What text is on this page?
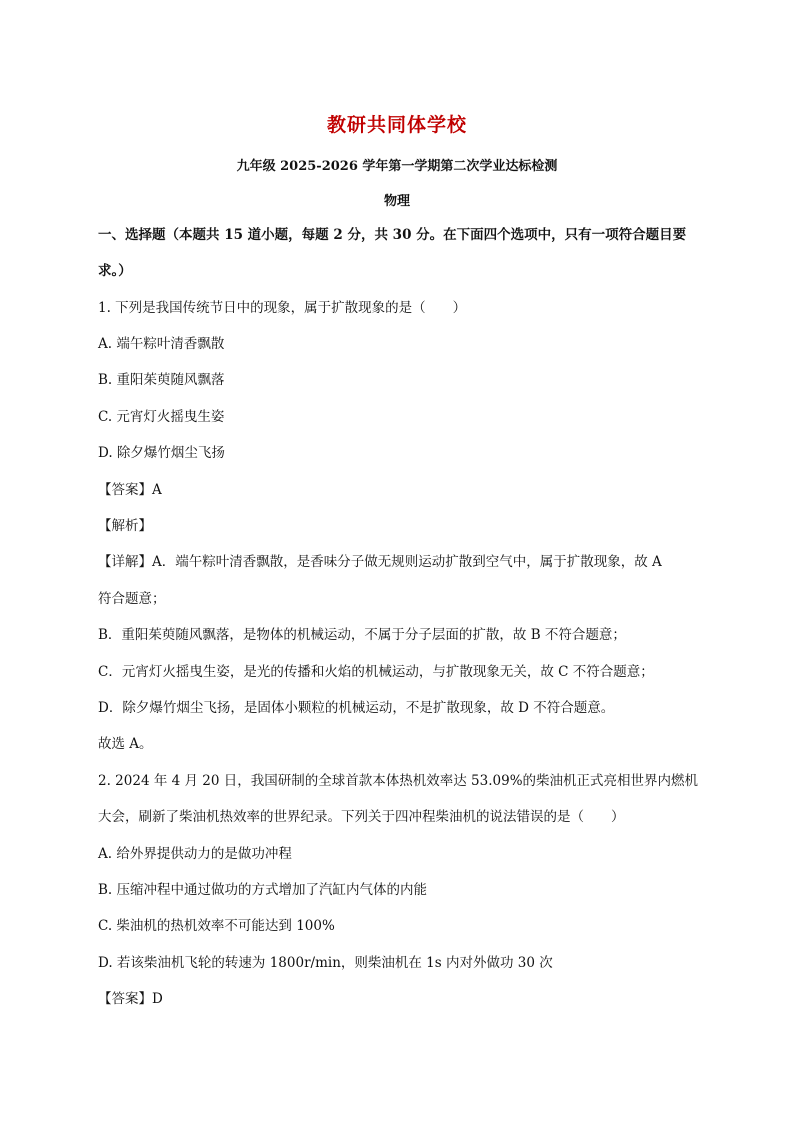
教研共同体学校
九年级 2025-2026 学年第一学期第二次学业达标检测
物理
一、选择题（本题共 15 道小题，每题 2 分，共 30 分。在下面四个选项中，只有一项符合题目要
求。）
1. 下列是我国传统节日中的现象，属于扩散现象的是（　　）
A. 端午粽叶清香飘散
B. 重阳茱萸随风飘落
C. 元宵灯火摇曳生姿
D. 除夕爆竹烟尘飞扬
【答案】A
【解析】
【详解】A．端午粽叶清香飘散，是香味分子做无规则运动扩散到空气中，属于扩散现象，故 A
符合题意；
B．重阳茱萸随风飘落，是物体的机械运动，不属于分子层面的扩散，故 B 不符合题意；
C．元宵灯火摇曳生姿，是光的传播和火焰的机械运动，与扩散现象无关，故 C 不符合题意；
D．除夕爆竹烟尘飞扬，是固体小颗粒的机械运动，不是扩散现象，故 D 不符合题意。
故选 A。
2. 2024 年 4 月 20 日，我国研制的全球首款本体热机效率达 53.09%的柴油机正式亮相世界内燃机
大会，刷新了柴油机热效率的世界纪录。下列关于四冲程柴油机的说法错误的是（　　）
A. 给外界提供动力的是做功冲程
B. 压缩冲程中通过做功的方式增加了汽缸内气体的内能
C. 柴油机的热机效率不可能达到 100%
D. 若该柴油机飞轮的转速为 1800r/min，则柴油机在 1s 内对外做功 30 次
【答案】D
